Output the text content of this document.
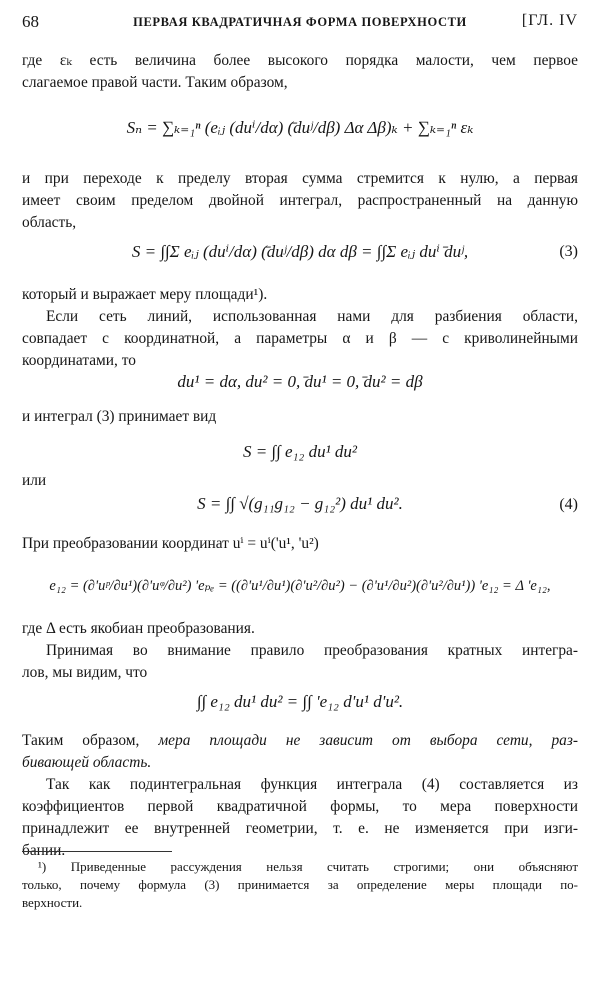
68	ПЕРВАЯ КВАДРАТИЧНАЯ ФОРМА ПОВЕРХНОСТИ	[ГЛ. IV
где εₖ есть величина более высокого порядка малости, чем первое
слагаемое правой части. Таким образом,
Sₙ = ∑ₖ₌₁ⁿ (eᵢⱼ (duⁱ/dα) (̄duʲ/dβ) Δα Δβ)ₖ + ∑ₖ₌₁ⁿ εₖ
и при переходе к пределу вторая сумма стремится к нулю, а первая
имеет своим пределом двойной интеграл, распространенный на данную
область,
S = ∫∫Σ eᵢⱼ (duⁱ/dα) (̄duʲ/dβ) dα dβ = ∫∫Σ eᵢⱼ duⁱ ̄duʲ,	(3)
который и выражает меру площади¹).
Если сеть линий, использованная нами для разбиения области,
совпадает с координатной, а параметры α и β — с криволинейными
координатами, то
du¹ = dα, du² = 0, ̄du¹ = 0, ̄du² = dβ
и интеграл (3) принимает вид
S = ∫∫ e₁₂ du¹ du²
или
S = ∫∫ √(g₁₁g₁₂ − g₁₂²) du¹ du².	(4)
При преобразовании координат uⁱ = uⁱ('u¹, 'u²)
e₁₂ = (∂'uᵖ/∂u¹)(∂'uᵠ/∂u²) 'eₚₑ = ((∂'u¹/∂u¹)(∂'u²/∂u²) − (∂'u¹/∂u²)(∂'u²/∂u¹)) 'e₁₂ = Δ 'e₁₂,
где Δ есть якобиан преобразования.
Принимая во внимание правило преобразования кратных интегра-
лов, мы видим, что
∫∫ e₁₂ du¹ du² = ∫∫ 'e₁₂ d'u¹ d'u².
Таким образом, мера площади не зависит от выбора сети, раз-
бивающей область.
Так как подинтегральная функция интеграла (4) составляется из
коэффициентов первой квадратичной формы, то мера поверхности
принадлежит ее внутренней геометрии, т. е. не изменяется при изги-
бании.
¹) Приведенные рассуждения нельзя считать строгими; они объясняют
только, почему формула (3) принимается за определение меры площади по-
верхности.
